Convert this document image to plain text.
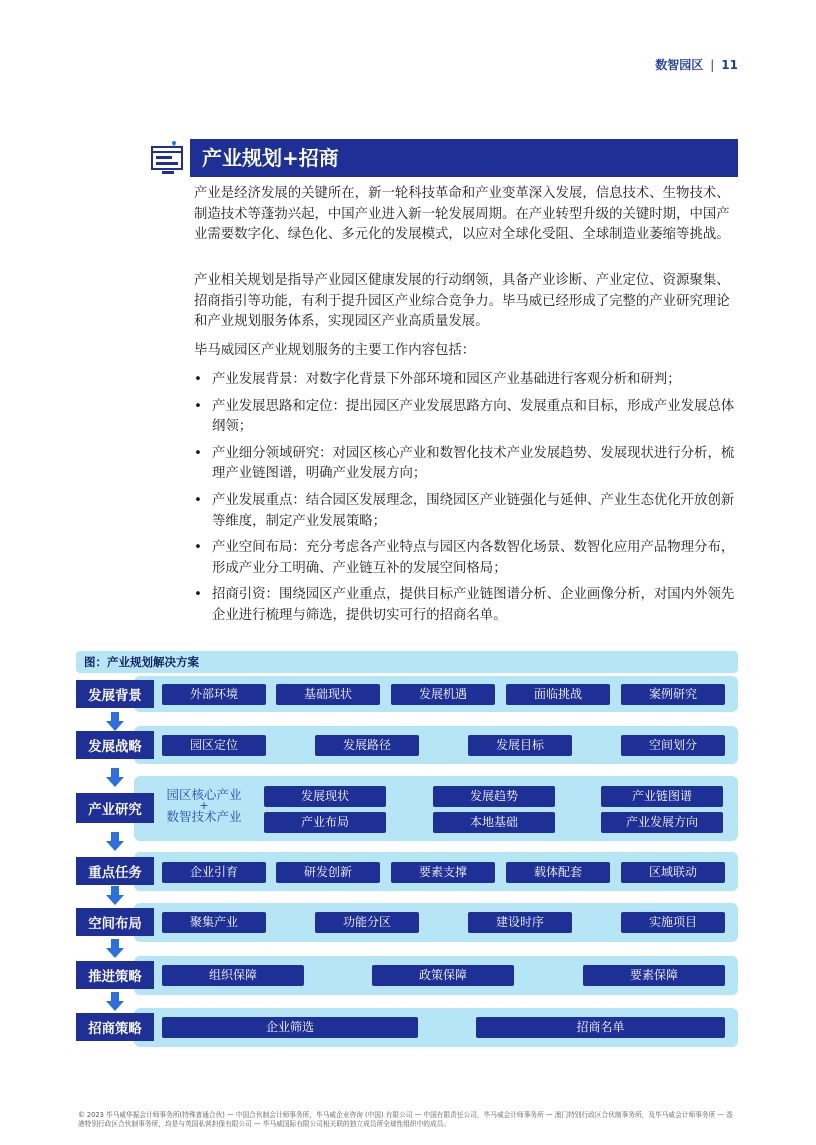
数智园区 | 11
产业规划+招商

产业是经济发展的关键所在，新一轮科技革命和产业变革深入发展，信息技术、生物技术、制造技术等蓬勃兴起，中国产业进入新一轮发展周期。在产业转型升级的关键时期，中国产业需要数字化、绿色化、多元化的发展模式，以应对全球化受阻、全球制造业萎缩等挑战。

产业相关规划是指导产业园区健康发展的行动纲领，具备产业诊断、产业定位、资源聚集、招商指引等功能，有利于提升园区产业综合竞争力。毕马威已经形成了完整的产业研究理论和产业规划服务体系，实现园区产业高质量发展。

毕马威园区产业规划服务的主要工作内容包括：

• 产业发展背景：对数字化背景下外部环境和园区产业基础进行客观分析和研判；
• 产业发展思路和定位：提出园区产业发展思路方向、发展重点和目标，形成产业发展总体纲领；
• 产业细分领域研究：对园区核心产业和数智化技术产业发展趋势、发展现状进行分析，梳理产业链图谱，明确产业发展方向；
• 产业发展重点：结合园区发展理念，围绕园区产业链强化与延伸、产业生态优化开放创新等维度，制定产业发展策略；
• 产业空间布局：充分考虑各产业特点与园区内各数智化场景、数智化应用产品物理分布，形成产业分工明确、产业链互补的发展空间格局；
• 招商引资：围绕园区产业重点，提供目标产业链图谱分析、企业画像分析，对国内外领先企业进行梳理与筛选，提供切实可行的招商名单。
图：产业规划解决方案
发展背景	外部环境	基础现状	发展机遇	面临挑战	案例研究
发展战略	园区定位	发展路径	发展目标	空间划分
产业研究
园区核心产业
+
数智技术产业
发展现状	发展趋势	产业链图谱
产业布局	本地基础	产业发展方向
重点任务	企业引育	研发创新	要素支撑	载体配套	区域联动
空间布局	聚集产业	功能分区	建设时序	实施项目
推进策略	组织保障	政策保障	要素保障
招商策略	企业筛选	招商名单

© 2023 毕马威华振会计师事务所(特殊普通合伙) — 中国合伙制会计师事务所，毕马威企业咨询 (中国) 有限公司 — 中国有限责任公司，毕马威会计师事务所 — 澳门特别行政区合伙制事务所，及毕马威会计师事务所 — 香港特别行政区合伙制事务所，均是与英国私营担保有限公司 — 毕马威国际有限公司相关联的独立成员所全球性组织中的成员。
